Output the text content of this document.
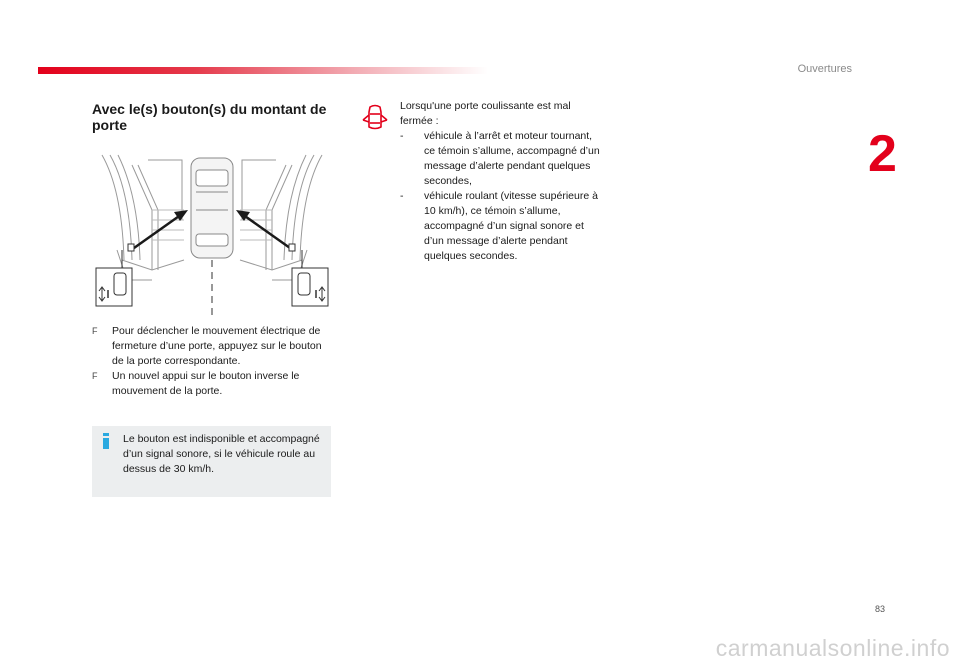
Ouvertures
2
Avec le(s) bouton(s) du montant de porte
F Pour déclencher le mouvement électrique de fermeture d’une porte, appuyez sur le bouton de la porte correspondante.
F Un nouvel appui sur le bouton inverse le mouvement de la porte.
Le bouton est indisponible et accompagné d’un signal sonore, si le véhicule roule au dessus de 30 km/h.
Lorsqu'une porte coulissante est mal fermée :
- véhicule à l’arrêt et moteur tournant, ce témoin s’allume, accompagné d’un message d’alerte pendant quelques secondes,
- véhicule roulant (vitesse supérieure à 10 km/h), ce témoin s’allume, accompagné d’un signal sonore et d’un message d’alerte pendant quelques secondes.
83
carmanualsonline.info
